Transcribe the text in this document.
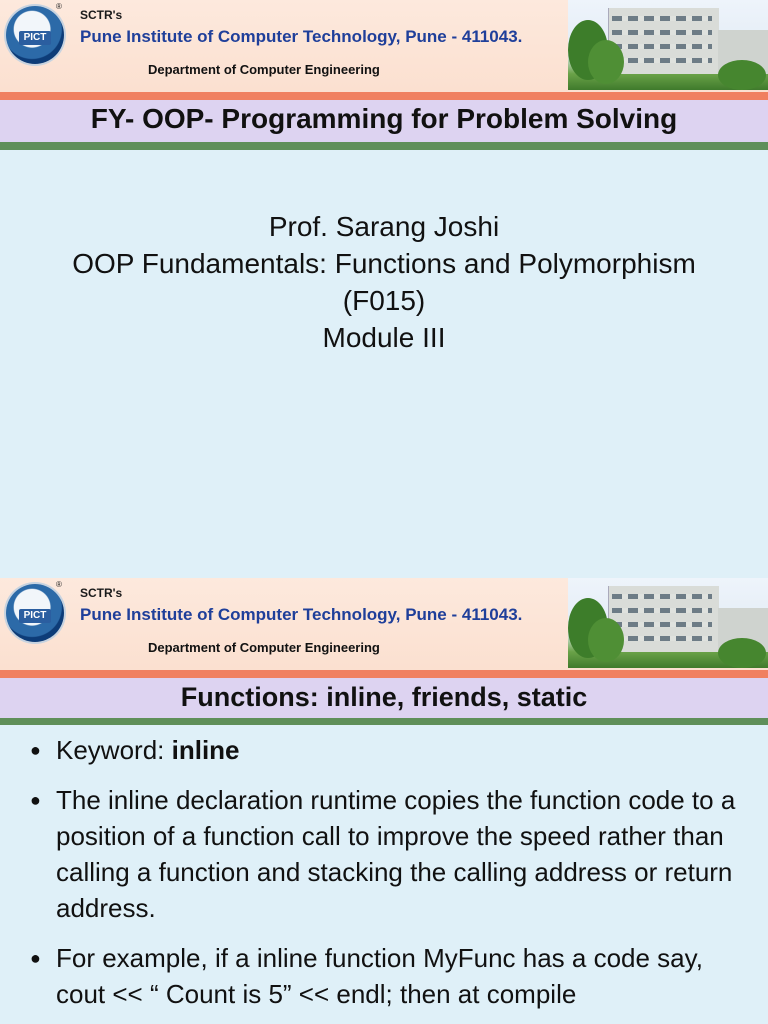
PICT
®
SCTR's
Pune Institute of Computer Technology, Pune - 411043.
Department of Computer Engineering
FY- OOP- Programming for Problem Solving
Prof. Sarang Joshi
OOP Fundamentals: Functions and Polymorphism
(F015)
Module III
PICT
®
SCTR's
Pune Institute of Computer Technology, Pune - 411043.
Department of Computer Engineering
Functions: inline, friends, static
● Keyword: inline
● The inline declaration runtime copies the function code to a position of a function call to improve the speed rather than calling a function and stacking the calling address or return address.
● For example, if a inline function MyFunc has a code say, cout << “ Count is 5” << endl; then at compile
